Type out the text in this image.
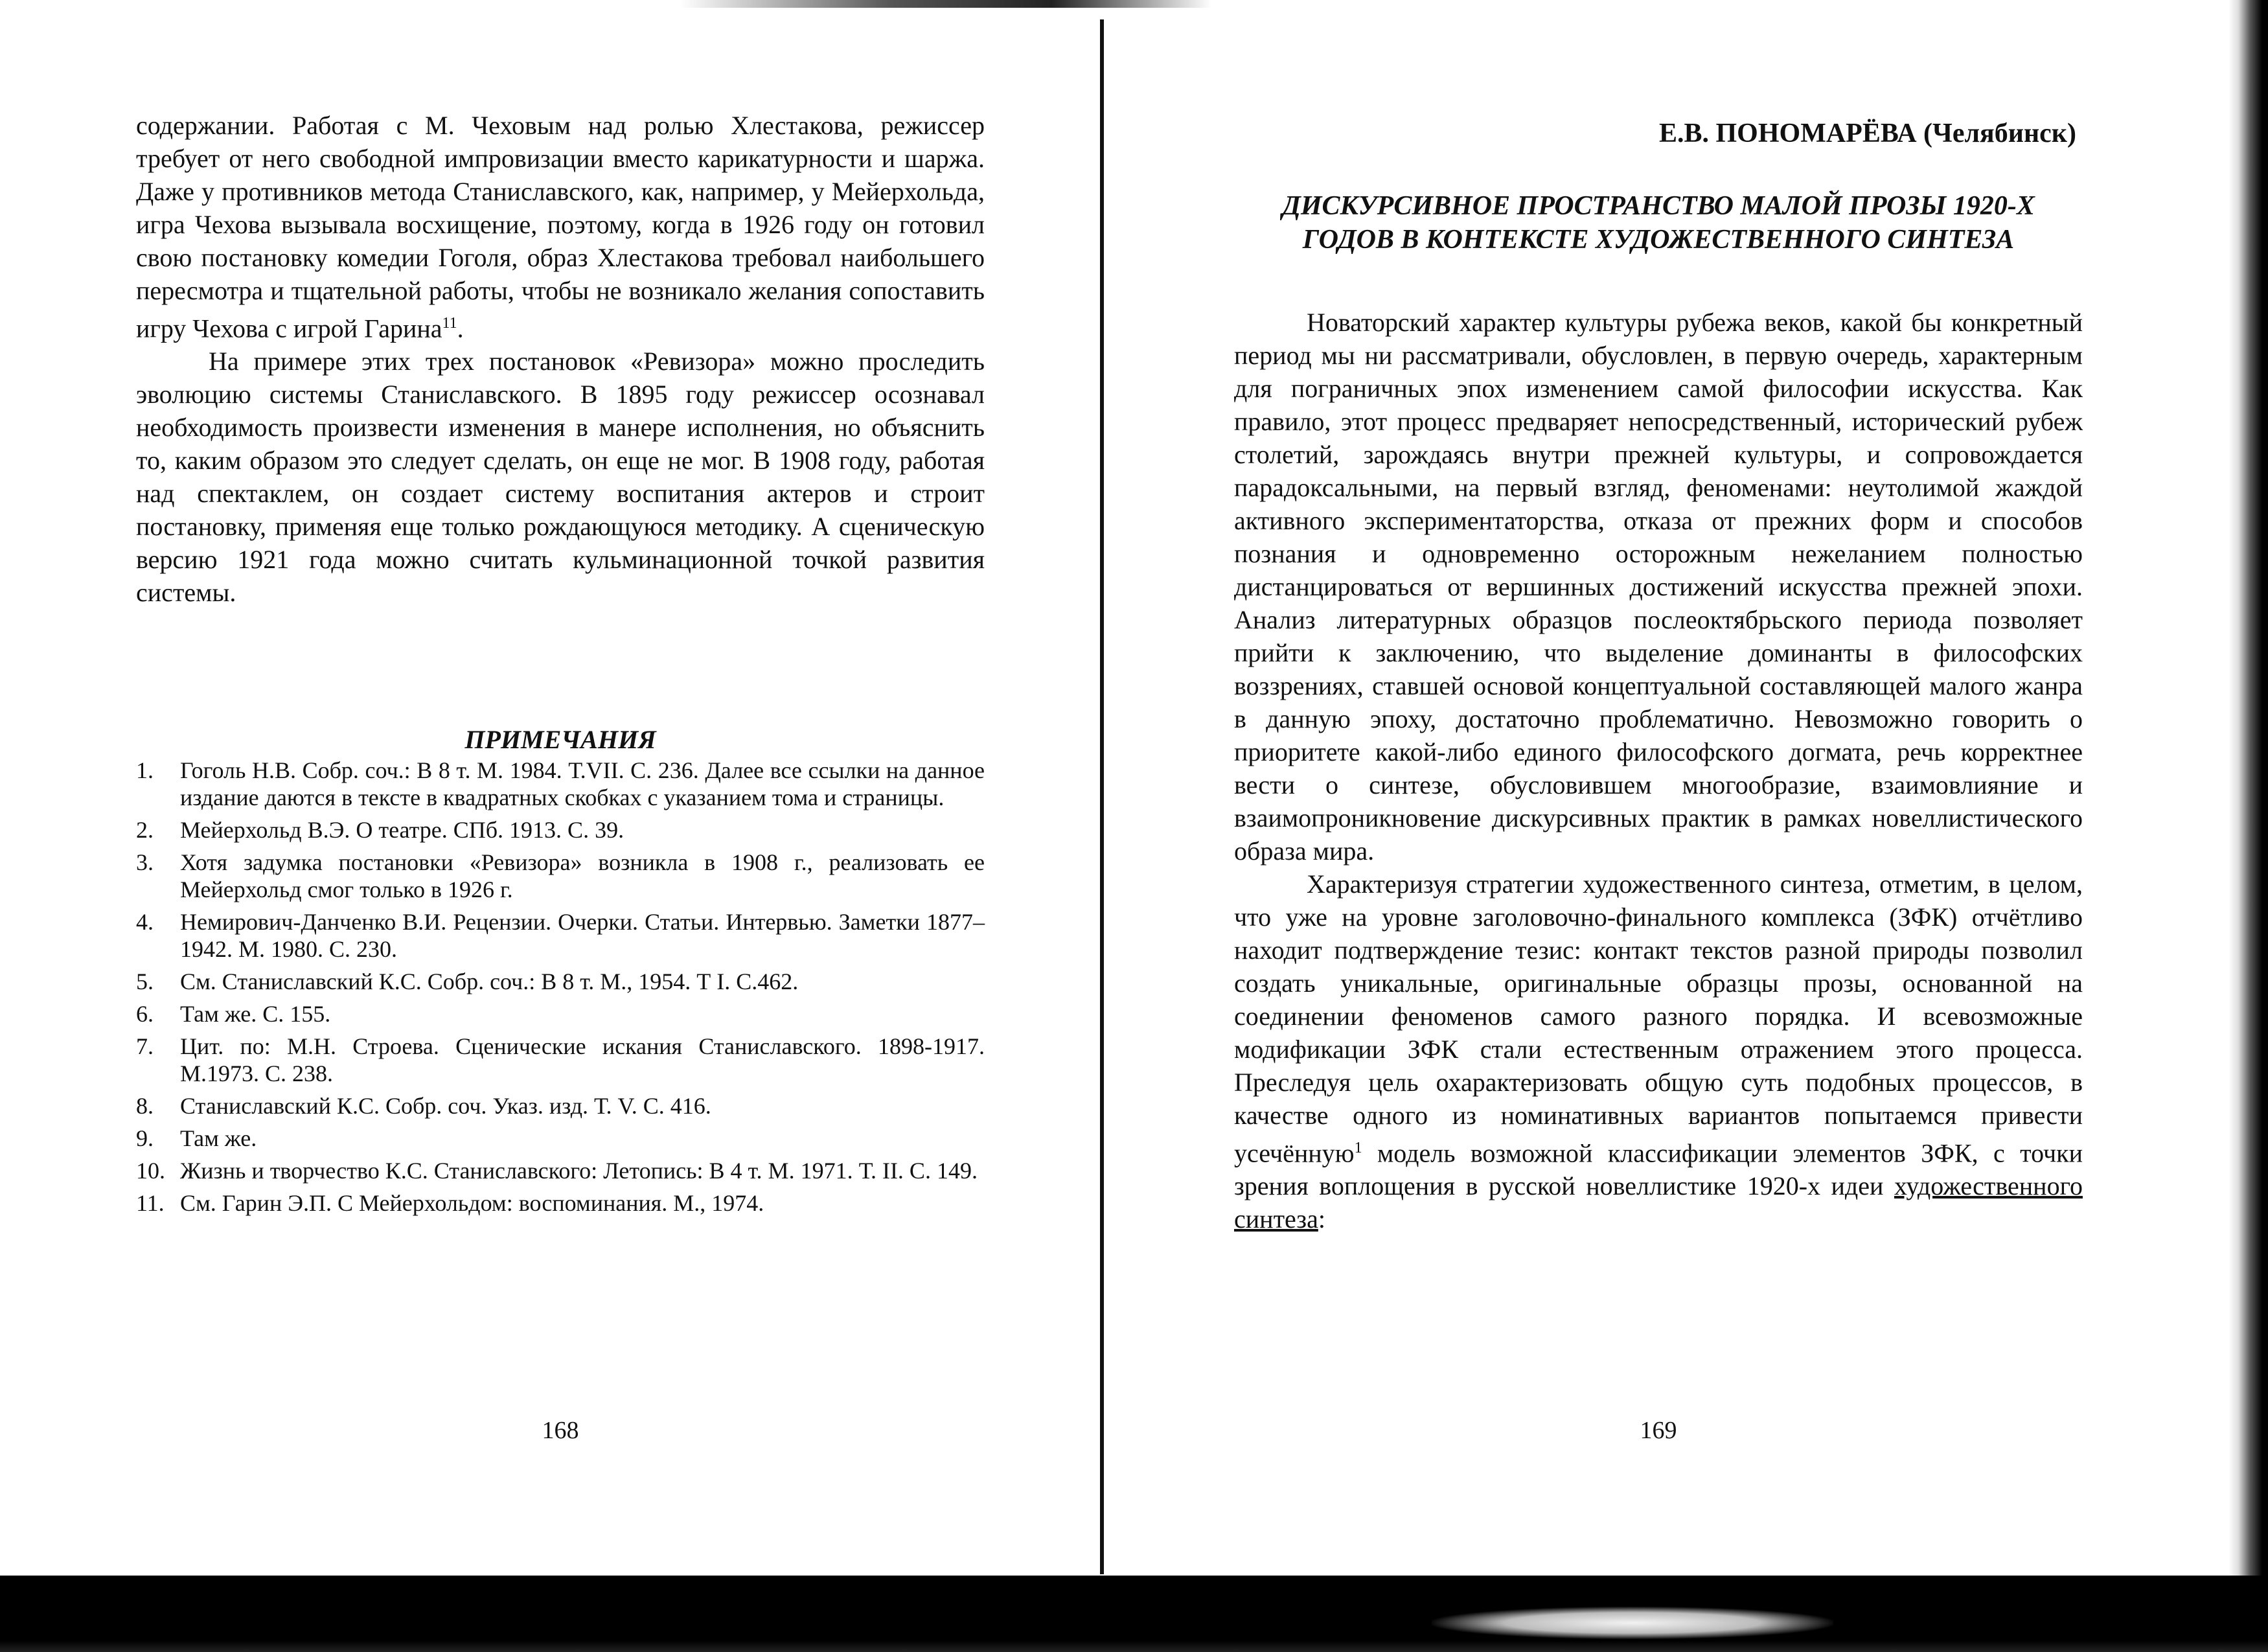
содержании. Работая с М. Чеховым над ролью Хлестакова, режиссер требует от него свободной импровизации вместо карикатурности и шаржа. Даже у противников метода Станиславского, как, например, у Мейерхольда, игра Чехова вызывала восхищение, поэтому, когда в 1926 году он готовил свою постановку комедии Гоголя, образ Хлестакова требовал наибольшего пересмотра и тщательной работы, чтобы не возникало желания сопоставить игру Чехова с игрой Гарина$^{11}$.

На примере этих трех постановок «Ревизора» можно проследить эволюцию системы Станиславского. В 1895 году режиссер осознавал необходимость произвести изменения в манере исполнения, но объяснить то, каким образом это следует сделать, он еще не мог. В 1908 году, работая над спектаклем, он создает систему воспитания актеров и строит постановку, применяя еще только рождающуюся методику. А сценическую версию 1921 года можно считать кульминационной точкой развития системы.

ПРИМЕЧАНИЯ
1. Гоголь Н.В. Собр. соч.: В 8 т. М. 1984. Т.VII. С. 236. Далее все ссылки на данное издание даются в тексте в квадратных скобках с указанием тома и страницы.
2. Мейерхольд В.Э. О театре. СПб. 1913. С. 39.
3. Хотя задумка постановки «Ревизора» возникла в 1908 г., реализовать ее Мейерхольд смог только в 1926 г.
4. Немирович-Данченко В.И. Рецензии. Очерки. Статьи. Интервью. Заметки 1877–1942. М. 1980. С. 230.
5. См. Станиславский К.С. Собр. соч.: В 8 т. М., 1954. Т I. С.462.
6. Там же. С. 155.
7. Цит. по: М.Н. Строева. Сценические искания Станиславского. 1898-1917. М.1973. С. 238.
8. Станиславский К.С. Собр. соч. Указ. изд. Т. V. С. 416.
9. Там же.
10. Жизнь и творчество К.С. Станиславского: Летопись: В 4 т. М. 1971. Т. II. С. 149.
11. См. Гарин Э.П. С Мейерхольдом: воспоминания. М., 1974.
168

Е.В. ПОНОМАРЁВА (Челябинск)

ДИСКУРСИВНОЕ ПРОСТРАНСТВО МАЛОЙ ПРОЗЫ 1920-Х
ГОДОВ В КОНТЕКСТЕ ХУДОЖЕСТВЕННОГО СИНТЕЗА

Новаторский характер культуры рубежа веков, какой бы конкретный период мы ни рассматривали, обусловлен, в первую очередь, характерным для пограничных эпох изменением самой философии искусства. Как правило, этот процесс предваряет непосредственный, исторический рубеж столетий, зарождаясь внутри прежней культуры, и сопровождается парадоксальными, на первый взгляд, феноменами: неутолимой жаждой активного экспериментаторства, отказа от прежних форм и способов познания и одновременно осторожным нежеланием полностью дистанцироваться от вершинных достижений искусства прежней эпохи. Анализ литературных образцов послеоктябрьского периода позволяет прийти к заключению, что выделение доминанты в философских воззрениях, ставшей основой концептуальной составляющей малого жанра в данную эпоху, достаточно проблематично. Невозможно говорить о приоритете какой-либо единого философского догмата, речь корректнее вести о синтезе, обусловившем многообразие, взаимовлияние и взаимопроникновение дискурсивных практик в рамках новеллистического образа мира.

Характеризуя стратегии художественного синтеза, отметим, в целом, что уже на уровне заголовочно-финального комплекса (ЗФК) отчётливо находит подтверждение тезис: контакт текстов разной природы позволил создать уникальные, оригинальные образцы прозы, основанной на соединении феноменов самого разного порядка. И всевозможные модификации ЗФК стали естественным отражением этого процесса. Преследуя цель охарактеризовать общую суть подобных процессов, в качестве одного из номинативных вариантов попытаемся привести усечённую$^1$ модель возможной классификации элементов ЗФК, с точки зрения воплощения в русской новеллистике 1920-х идеи художественного синтеза:

169
